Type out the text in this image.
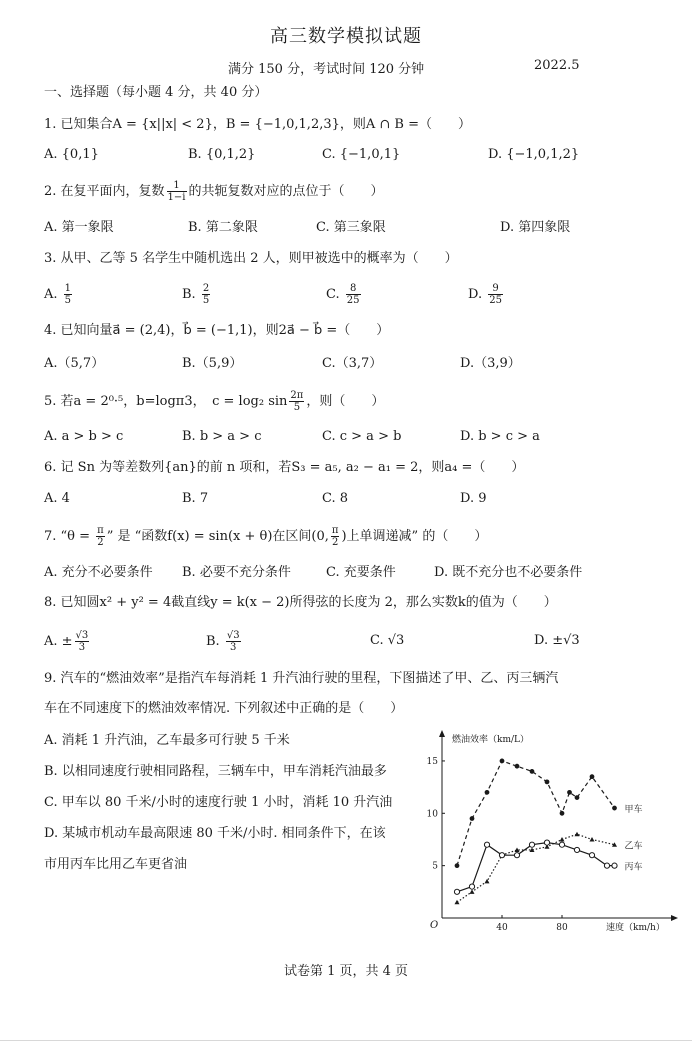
高三数学模拟试题
满分 150 分，考试时间 120 分钟	2022.5
一、选择题（每小题 4 分，共 40 分）
1. 已知集合A = {x||x| < 2}，B = {−1,0,1,2,3}，则A ∩ B =（　　）
A. {0,1}	B. {0,1,2}	C. {−1,0,1}	D. {−1,0,1,2}
2. 在复平面内，复数 $\frac{1}{1-i}$ 的共轭复数对应的点位于（　　）
A. 第一象限	B. 第二象限	C. 第三象限	D. 第四象限
3. 从甲、乙等 5 名学生中随机选出 2 人，则甲被选中的概率为（　　）
A. $\frac{1}{5}$	B. $\frac{2}{5}$	C. $\frac{8}{25}$	D. $\frac{9}{25}$
4. 已知向量a⃗ = (2,4)，b⃗ = (−1,1)，则2a⃗ − b⃗ =（　　）
A.（5,7）	B.（5,9）	C.（3,7）	D.（3,9）
5. 若a = 2⁰·⁵，b=logπ3，　c = log₂ $\sin \frac{2\pi}{5}$ ，则（　　）
A. a > b > c	B. b > a > c	C. c > a > b	D. b > c > a
6. 记 Sn 为等差数列{an}的前 n 项和，若S₃ = a₅, a₂ − a₁ = 2，则a₄ =（　　）
A. 4	B. 7	C. 8	D. 9
7. “$\theta = \frac{\pi}{2}$ ” 是 “函数f(x) = sin(x + θ)在区间(0, $\frac{\pi}{2}$ )上单调递减” 的（　　）
A. 充分不必要条件 B. 必要不充分条件	C. 充要条件	D. 既不充分也不必要条件
8. 已知圆x² + y² = 4截直线y = k(x − 2)所得弦的长度为 2，那么实数k的值为（　　）
A. ± $\frac{√3}{3}$	B. $\frac{√3}{3}$	C. √3	D. ±√3
9. 汽车的“燃油效率”是指汽车每消耗 1 升汽油行驶的里程，下图描述了甲、乙、丙三辆汽
车在不同速度下的燃油效率情况. 下列叙述中正确的是（　　）
A. 消耗 1 升汽油，乙车最多可行驶 5 千米
B. 以相同速度行驶相同路程，三辆车中，甲车消耗汽油最多
C. 甲车以 80 千米/小时的速度行驶 1 小时，消耗 10 升汽油
D. 某城市机动车最高限速 80 千米/小时. 相同条件下，在该
市用丙车比用乙车更省油
40	80
5
10
15
甲车
乙车
丙车
燃油效率（km/L）
速度（km/h）
O
试卷第 1 页，共 4 页
